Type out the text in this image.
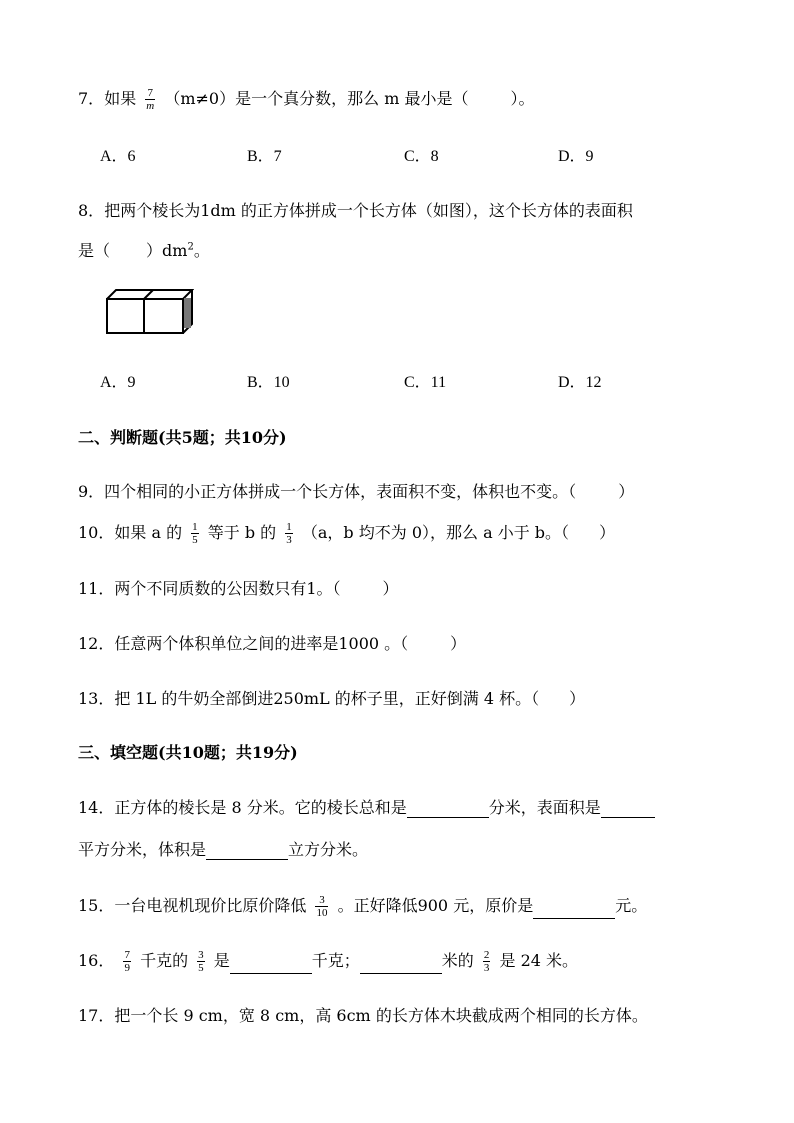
7．如果 $\frac{7}{m} (m\ne 0)$是一个真分数，那么 m 最小是（	）。
A．6	B．7	C．8	D．9
8．把两个棱长为1dm 的正方体拼成一个长方体（如图），这个长方体的表面积
是（ ）$dm^2$。
A．9	B．10	C．11	D．12
二、判断题(共5题；共10分)
9．四个相同的小正方体拼成一个长方体，表面积不变，体积也不变。（	）
10．如果 a 的 $\frac{1}{5}$ 等于 b 的 $\frac{1}{3} (a$，b 均不为 0），那么 a 小于 b。（ ）
11．两个不同质数的公因数只有1。（	）
12．任意两个体积单位之间的进率是1000 。（	）
13．把 1L 的牛奶全部倒进250mL 的杯子里，正好倒满 4 杯。（ ）
三、填空题(共10题；共19分)
14．正方体的棱长是 8 分米。它的棱长总和是	分米，表面积是
平方分米，体积是	立方分米。
15．一台电视机现价比原价降低 $\frac{3}{10}$ 。正好降低900 元，原价是	元。
16． $\frac{7}{9}$ 千克的 $\frac{3}{5}$ 是	千克；	米的 $\frac{2}{3}$ 是 24 米。
17．把一个长 9 cm，宽 8 cm，高 6cm 的长方体木块截成两个相同的长方体。
